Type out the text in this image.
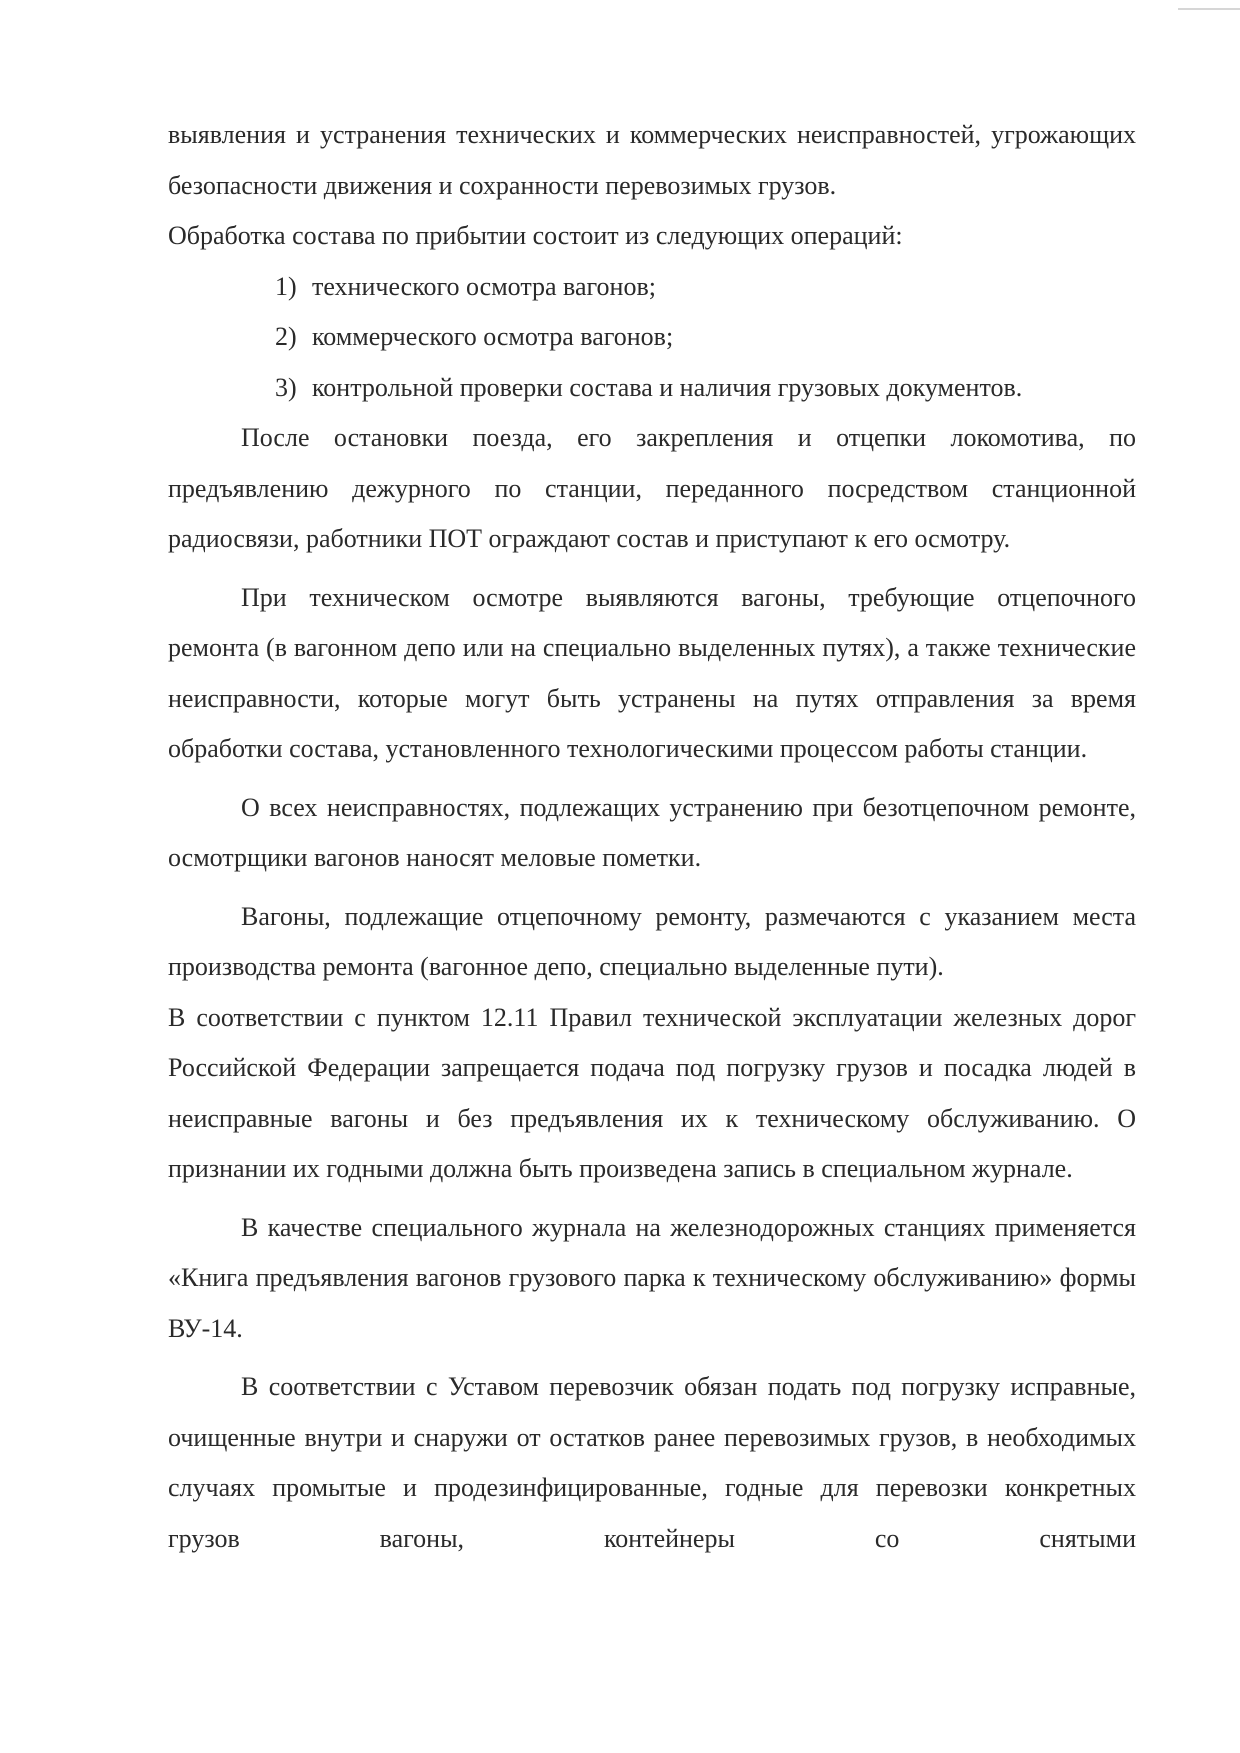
выявления и устранения технических и коммерческих неисправностей, угрожающих безопасности движения и сохранности перевозимых грузов.

Обработка состава по прибытии состоит из следующих операций:

1) технического осмотра вагонов;
2) коммерческого осмотра вагонов;
3) контрольной проверки состава и наличия грузовых документов.

После остановки поезда, его закрепления и отцепки локомотива, по предъявлению дежурного по станции, переданного посредством станционной радиосвязи, работники ПОТ ограждают состав и приступают к его осмотру.

При техническом осмотре выявляются вагоны, требующие отцепочного ремонта (в вагонном депо или на специально выделенных путях), а также технические неисправности, которые могут быть устранены на путях отправления за время обработки состава, установленного технологическими процессом работы станции.

О всех неисправностях, подлежащих устранению при безотцепочном ремонте, осмотрщики вагонов наносят меловые пометки.

Вагоны, подлежащие отцепочному ремонту, размечаются с указанием места производства ремонта (вагонное депо, специально выделенные пути).

В соответствии с пунктом 12.11 Правил технической эксплуатации железных дорог Российской Федерации запрещается подача под погрузку грузов и посадка людей в неисправные вагоны и без предъявления их к техническому обслуживанию. О признании их годными должна быть произведена запись в специальном журнале.

В качестве специального журнала на железнодорожных станциях применяется «Книга предъявления вагонов грузового парка к техническому обслуживанию» формы ВУ-14.

В соответствии с Уставом перевозчик обязан подать под погрузку исправные, очищенные внутри и снаружи от остатков ранее перевозимых грузов, в необходимых случаях промытые и продезинфицированные, годные для перевозки конкретных грузов вагоны, контейнеры со снятыми
